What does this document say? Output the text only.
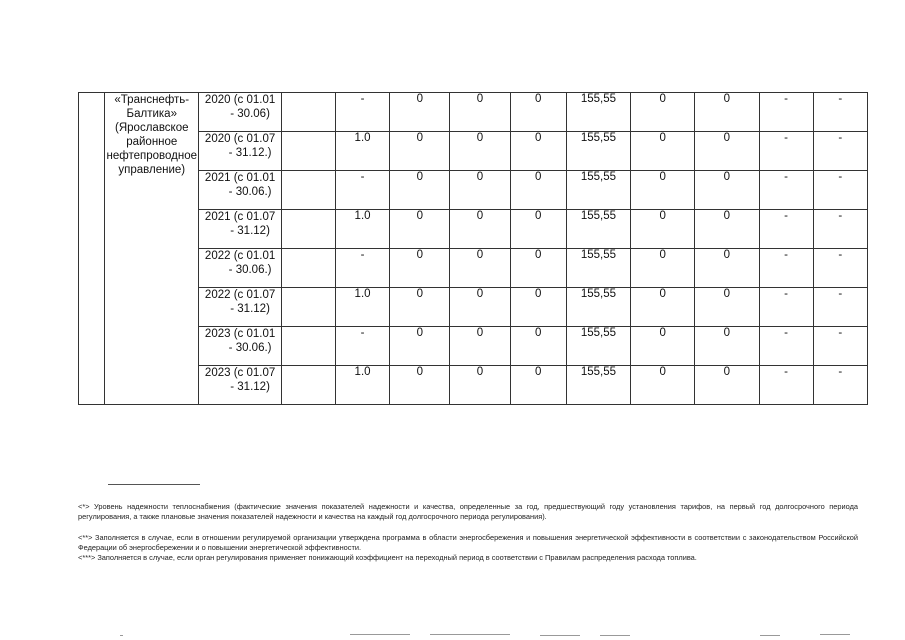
	«Транснефть-Балтика» (Ярославское районное нефтепроводное управление)	2020 (с 01.01
- 30.06)		-	0	0	0	155,55	0	0	-	-

		2020 (с 01.07
- 31.12.)		1.0	0	0	0	155,55	0	0	-	-

		2021 (с 01.01
- 30.06.)		-	0	0	0	155,55	0	0	-	-

		2021 (с 01.07
- 31.12)		1.0	0	0	0	155,55	0	0	-	-

		2022 (с 01.01
- 30.06.)		-	0	0	0	155,55	0	0	-	-

		2022 (с 01.07
- 31.12)		1.0	0	0	0	155,55	0	0	-	-

		2023 (с 01.01
- 30.06.)		-	0	0	0	155,55	0	0	-	-

		2023 (с 01.07
- 31.12)		1.0	0	0	0	155,55	0	0	-	-
<*> Уровень надежности теплоснабжения (фактические значения показателей надежности и качества, определенные за год, предшествующий году установления тарифов, на первый год долгосрочного периода регулирования, а также плановые значения показателей надежности и качества на каждый год долгосрочного периода регулирования).
<**> Заполняется в случае, если в отношении регулируемой организации утверждена программа в области энергосбережения и повышения энергетической эффективности в соответствии с законодательством Российской Федерации об энергосбережении и о повышении энергетической эффективности.
<***> Заполняется в случае, если орган регулирования применяет понижающий коэффициент на переходный период в соответствии с Правилам распределения расхода топлива.
